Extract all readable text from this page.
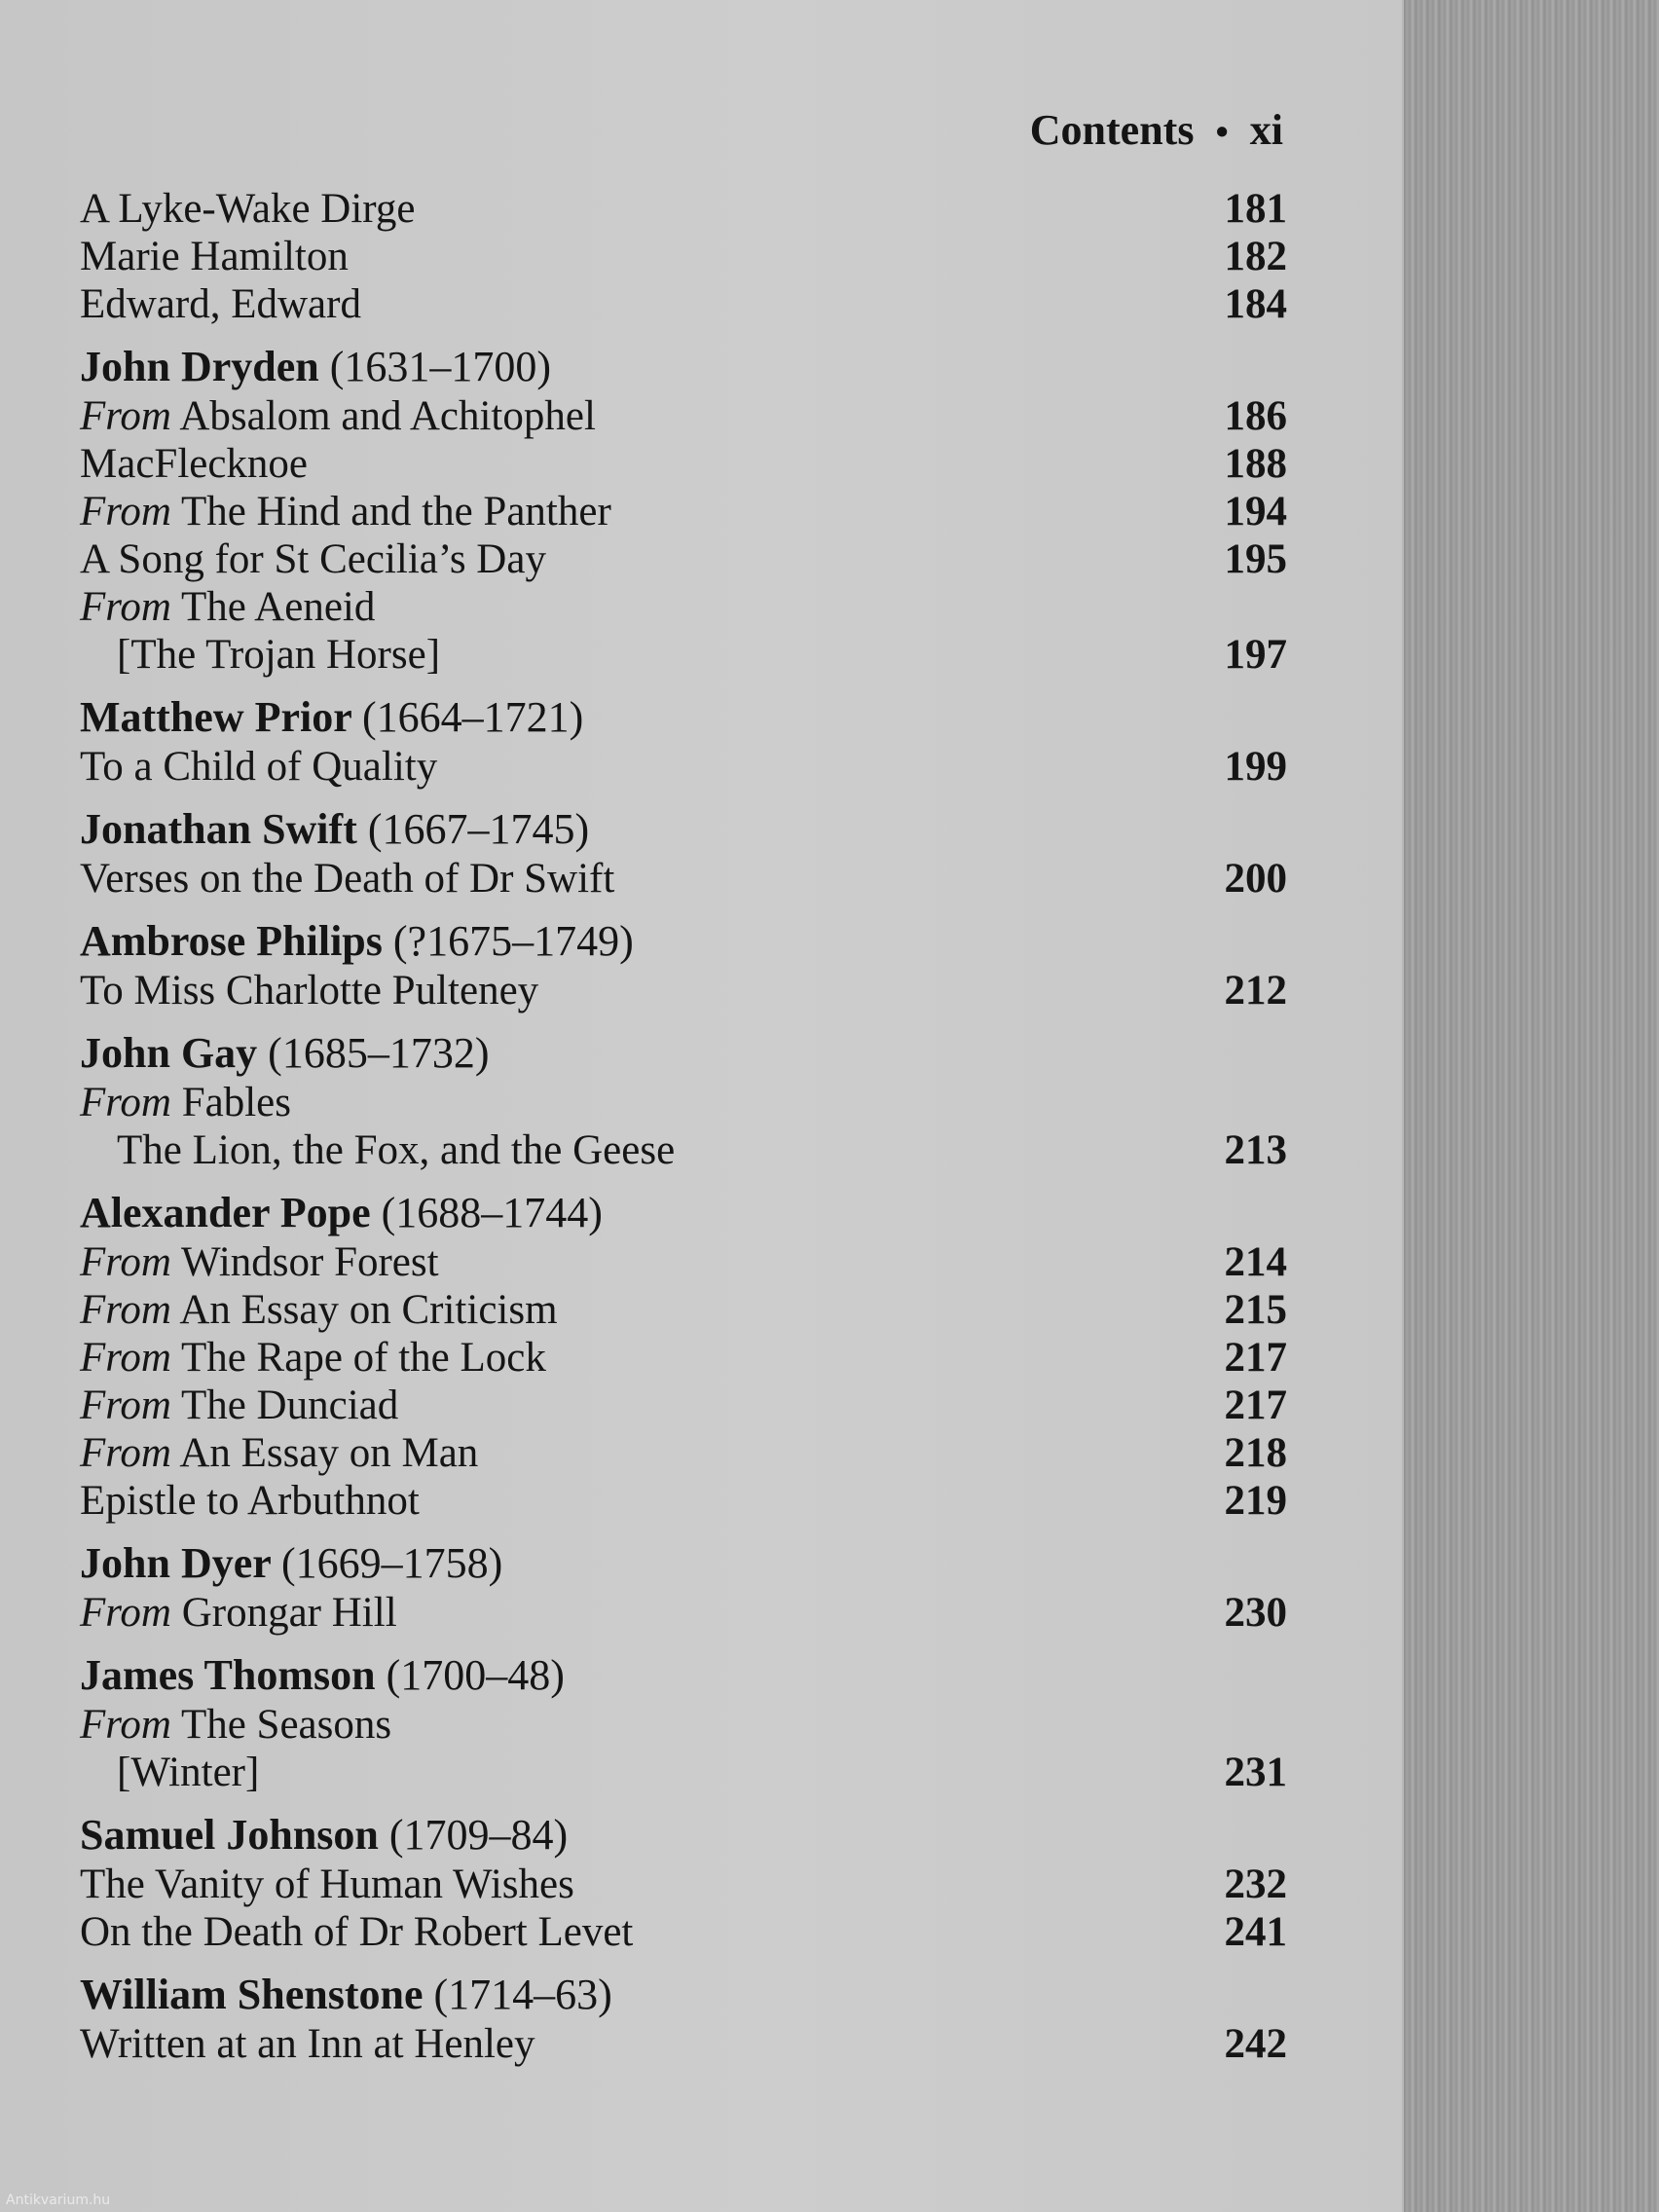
Contents • xi
A Lyke-Wake Dirge	181
Marie Hamilton	182
Edward, Edward	184
John Dryden (1631–1700)
From Absalom and Achitophel	186
MacFlecknoe	188
From The Hind and the Panther	194
A Song for St Cecilia’s Day	195
From The Aeneid
[The Trojan Horse]	197
Matthew Prior (1664–1721)
To a Child of Quality	199
Jonathan Swift (1667–1745)
Verses on the Death of Dr Swift	200
Ambrose Philips (?1675–1749)
To Miss Charlotte Pulteney	212
John Gay (1685–1732)
From Fables
The Lion, the Fox, and the Geese	213
Alexander Pope (1688–1744)
From Windsor Forest	214
From An Essay on Criticism	215
From The Rape of the Lock	217
From The Dunciad	217
From An Essay on Man	218
Epistle to Arbuthnot	219
John Dyer (1669–1758)
From Grongar Hill	230
James Thomson (1700–48)
From The Seasons
[Winter]	231
Samuel Johnson (1709–84)
The Vanity of Human Wishes	232
On the Death of Dr Robert Levet	241
William Shenstone (1714–63)
Written at an Inn at Henley	242
Antikvarium.hu
